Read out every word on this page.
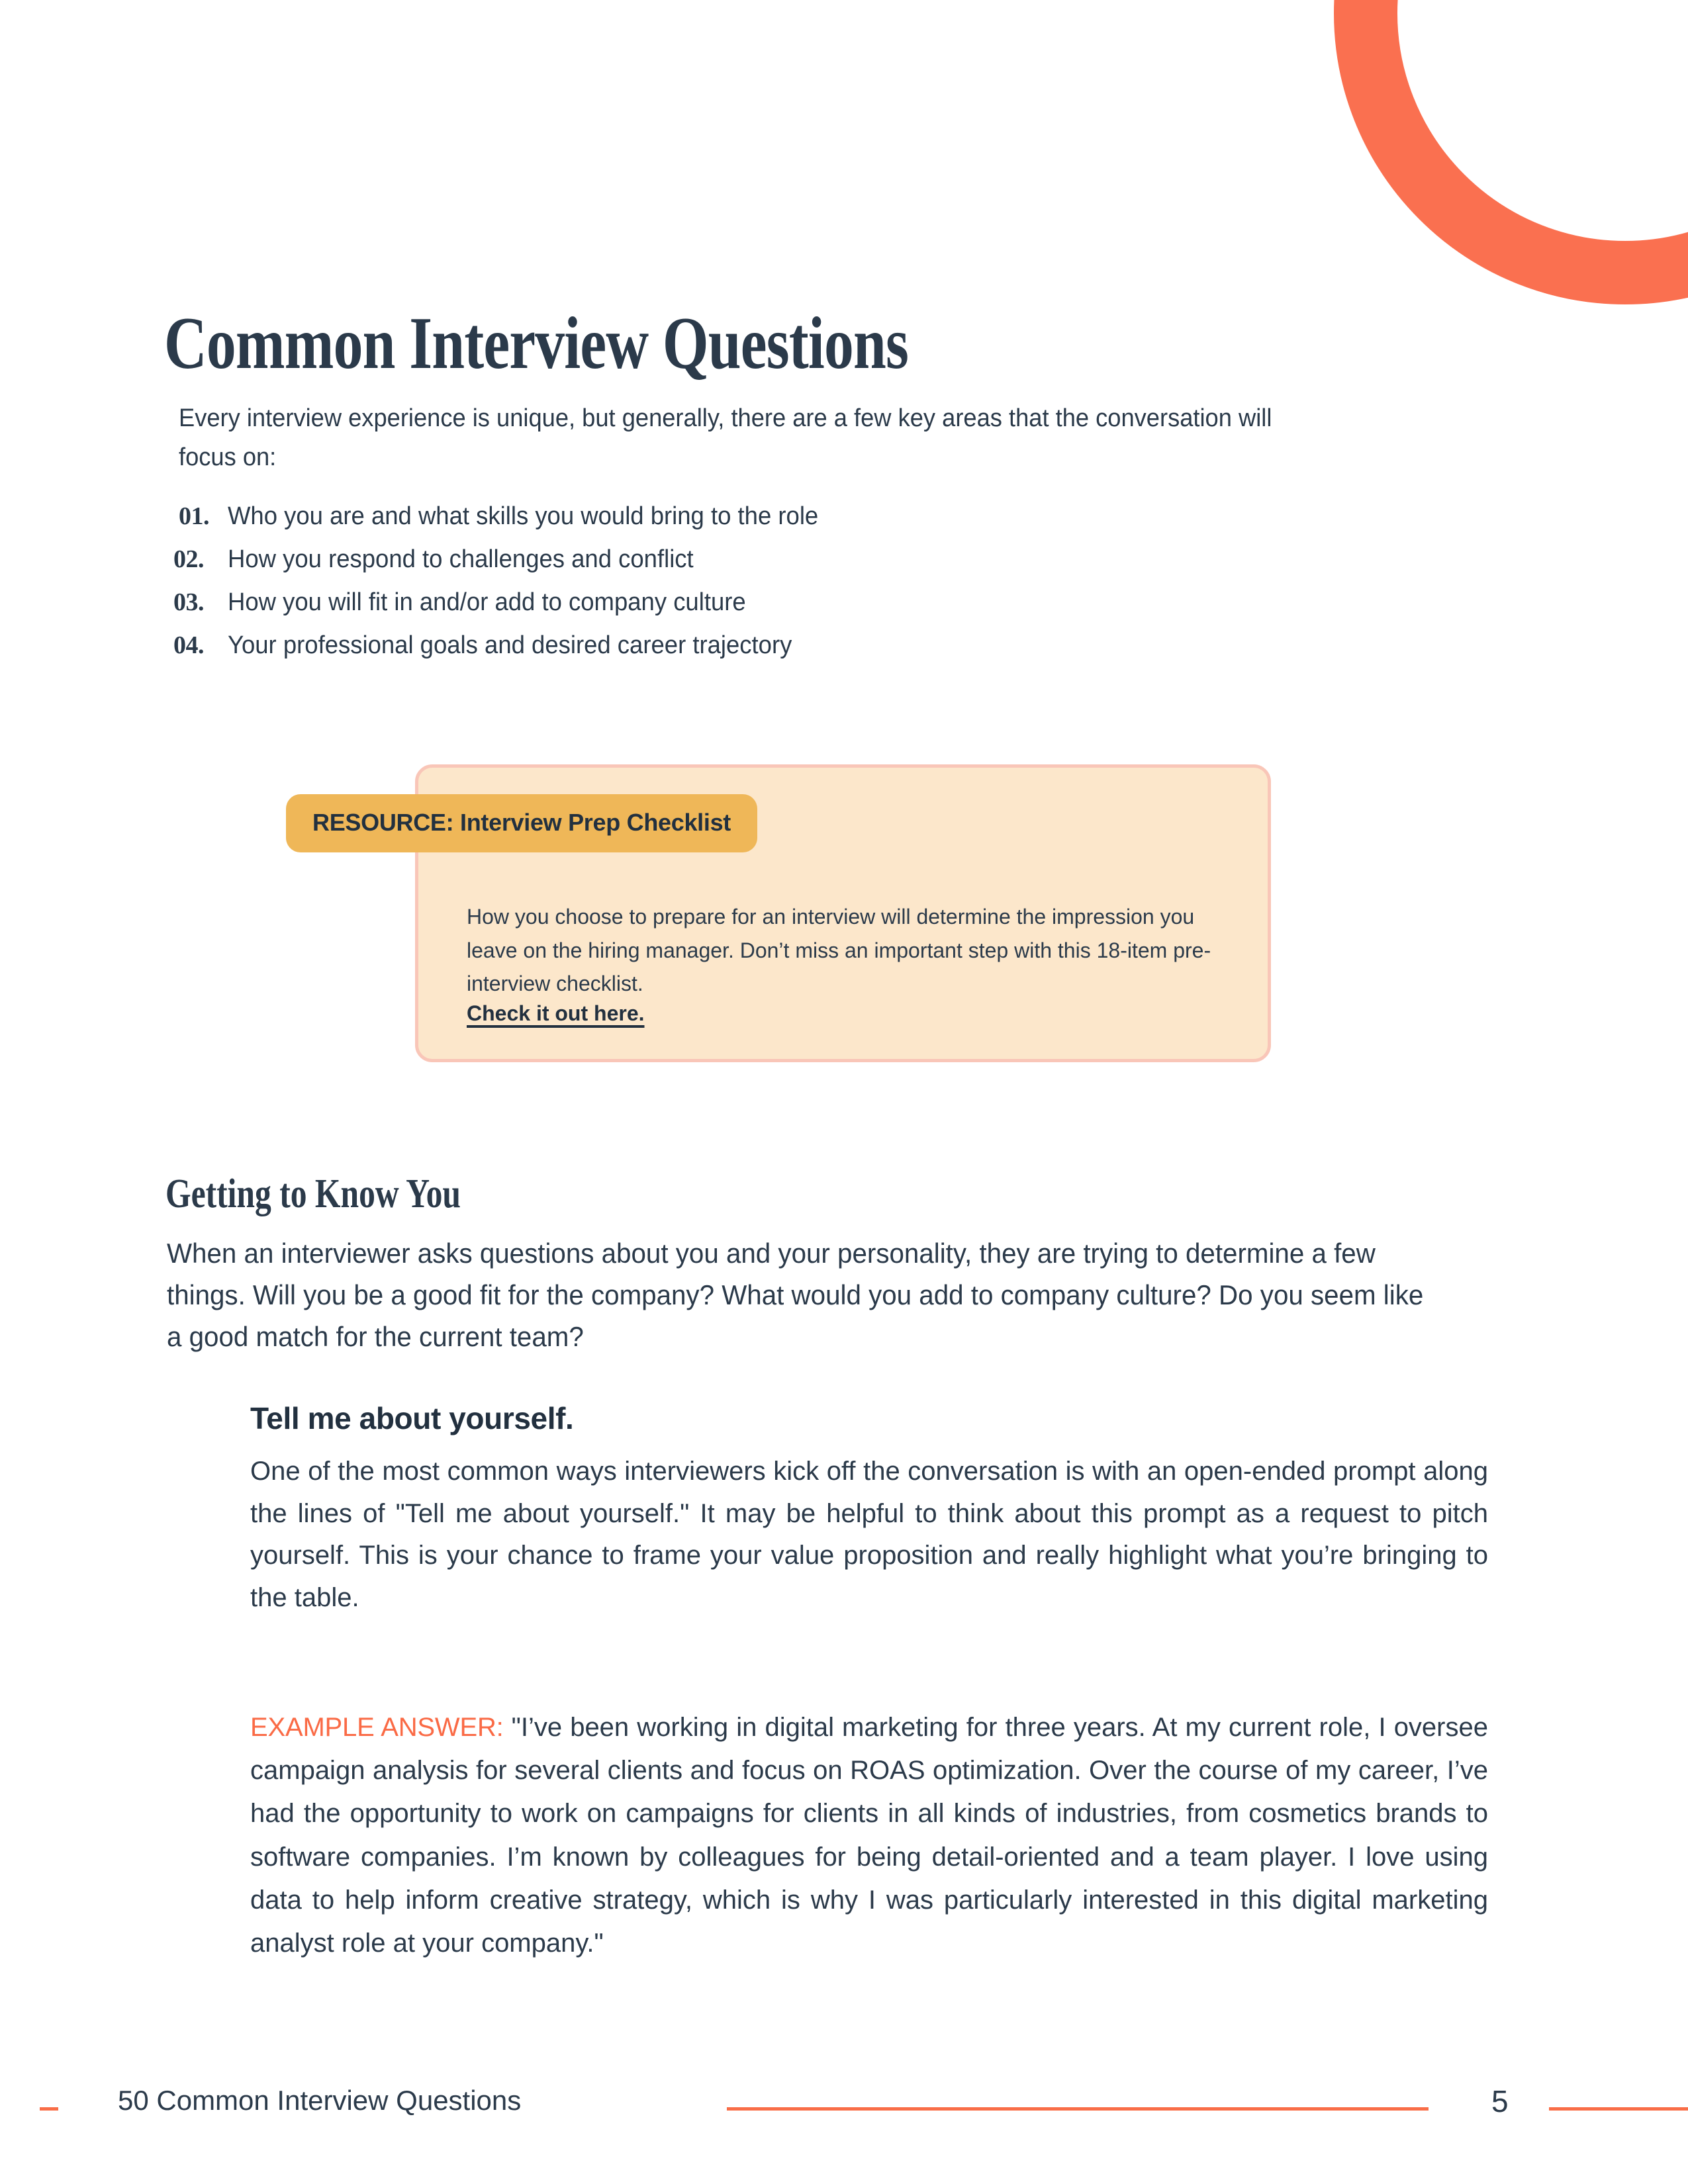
Common Interview Questions

Every interview experience is unique, but generally, there are a few key areas that the conversation will focus on:

01. Who you are and what skills you would bring to the role
02. How you respond to challenges and conflict
03. How you will fit in and/or add to company culture
04. Your professional goals and desired career trajectory
RESOURCE: Interview Prep Checklist

How you choose to prepare for an interview will determine the impression you leave on the hiring manager. Don’t miss an important step with this 18-item pre-interview checklist.

Check it out here.
Getting to Know You

When an interviewer asks questions about you and your personality, they are trying to determine a few things. Will you be a good fit for the company? What would you add to company culture? Do you seem like a good match for the current team?

Tell me about yourself.

One of the most common ways interviewers kick off the conversation is with an open-ended prompt along the lines of "Tell me about yourself." It may be helpful to think about this prompt as a request to pitch yourself. This is your chance to frame your value proposition and really highlight what you’re bringing to the table.

EXAMPLE ANSWER: "I’ve been working in digital marketing for three years. At my current role, I oversee campaign analysis for several clients and focus on ROAS optimization. Over the course of my career, I’ve had the opportunity to work on campaigns for clients in all kinds of industries, from cosmetics brands to software companies. I’m known by colleagues for being detail-oriented and a team player. I love using data to help inform creative strategy, which is why I was particularly interested in this digital marketing analyst role at your company."

50 Common Interview Questions	5
